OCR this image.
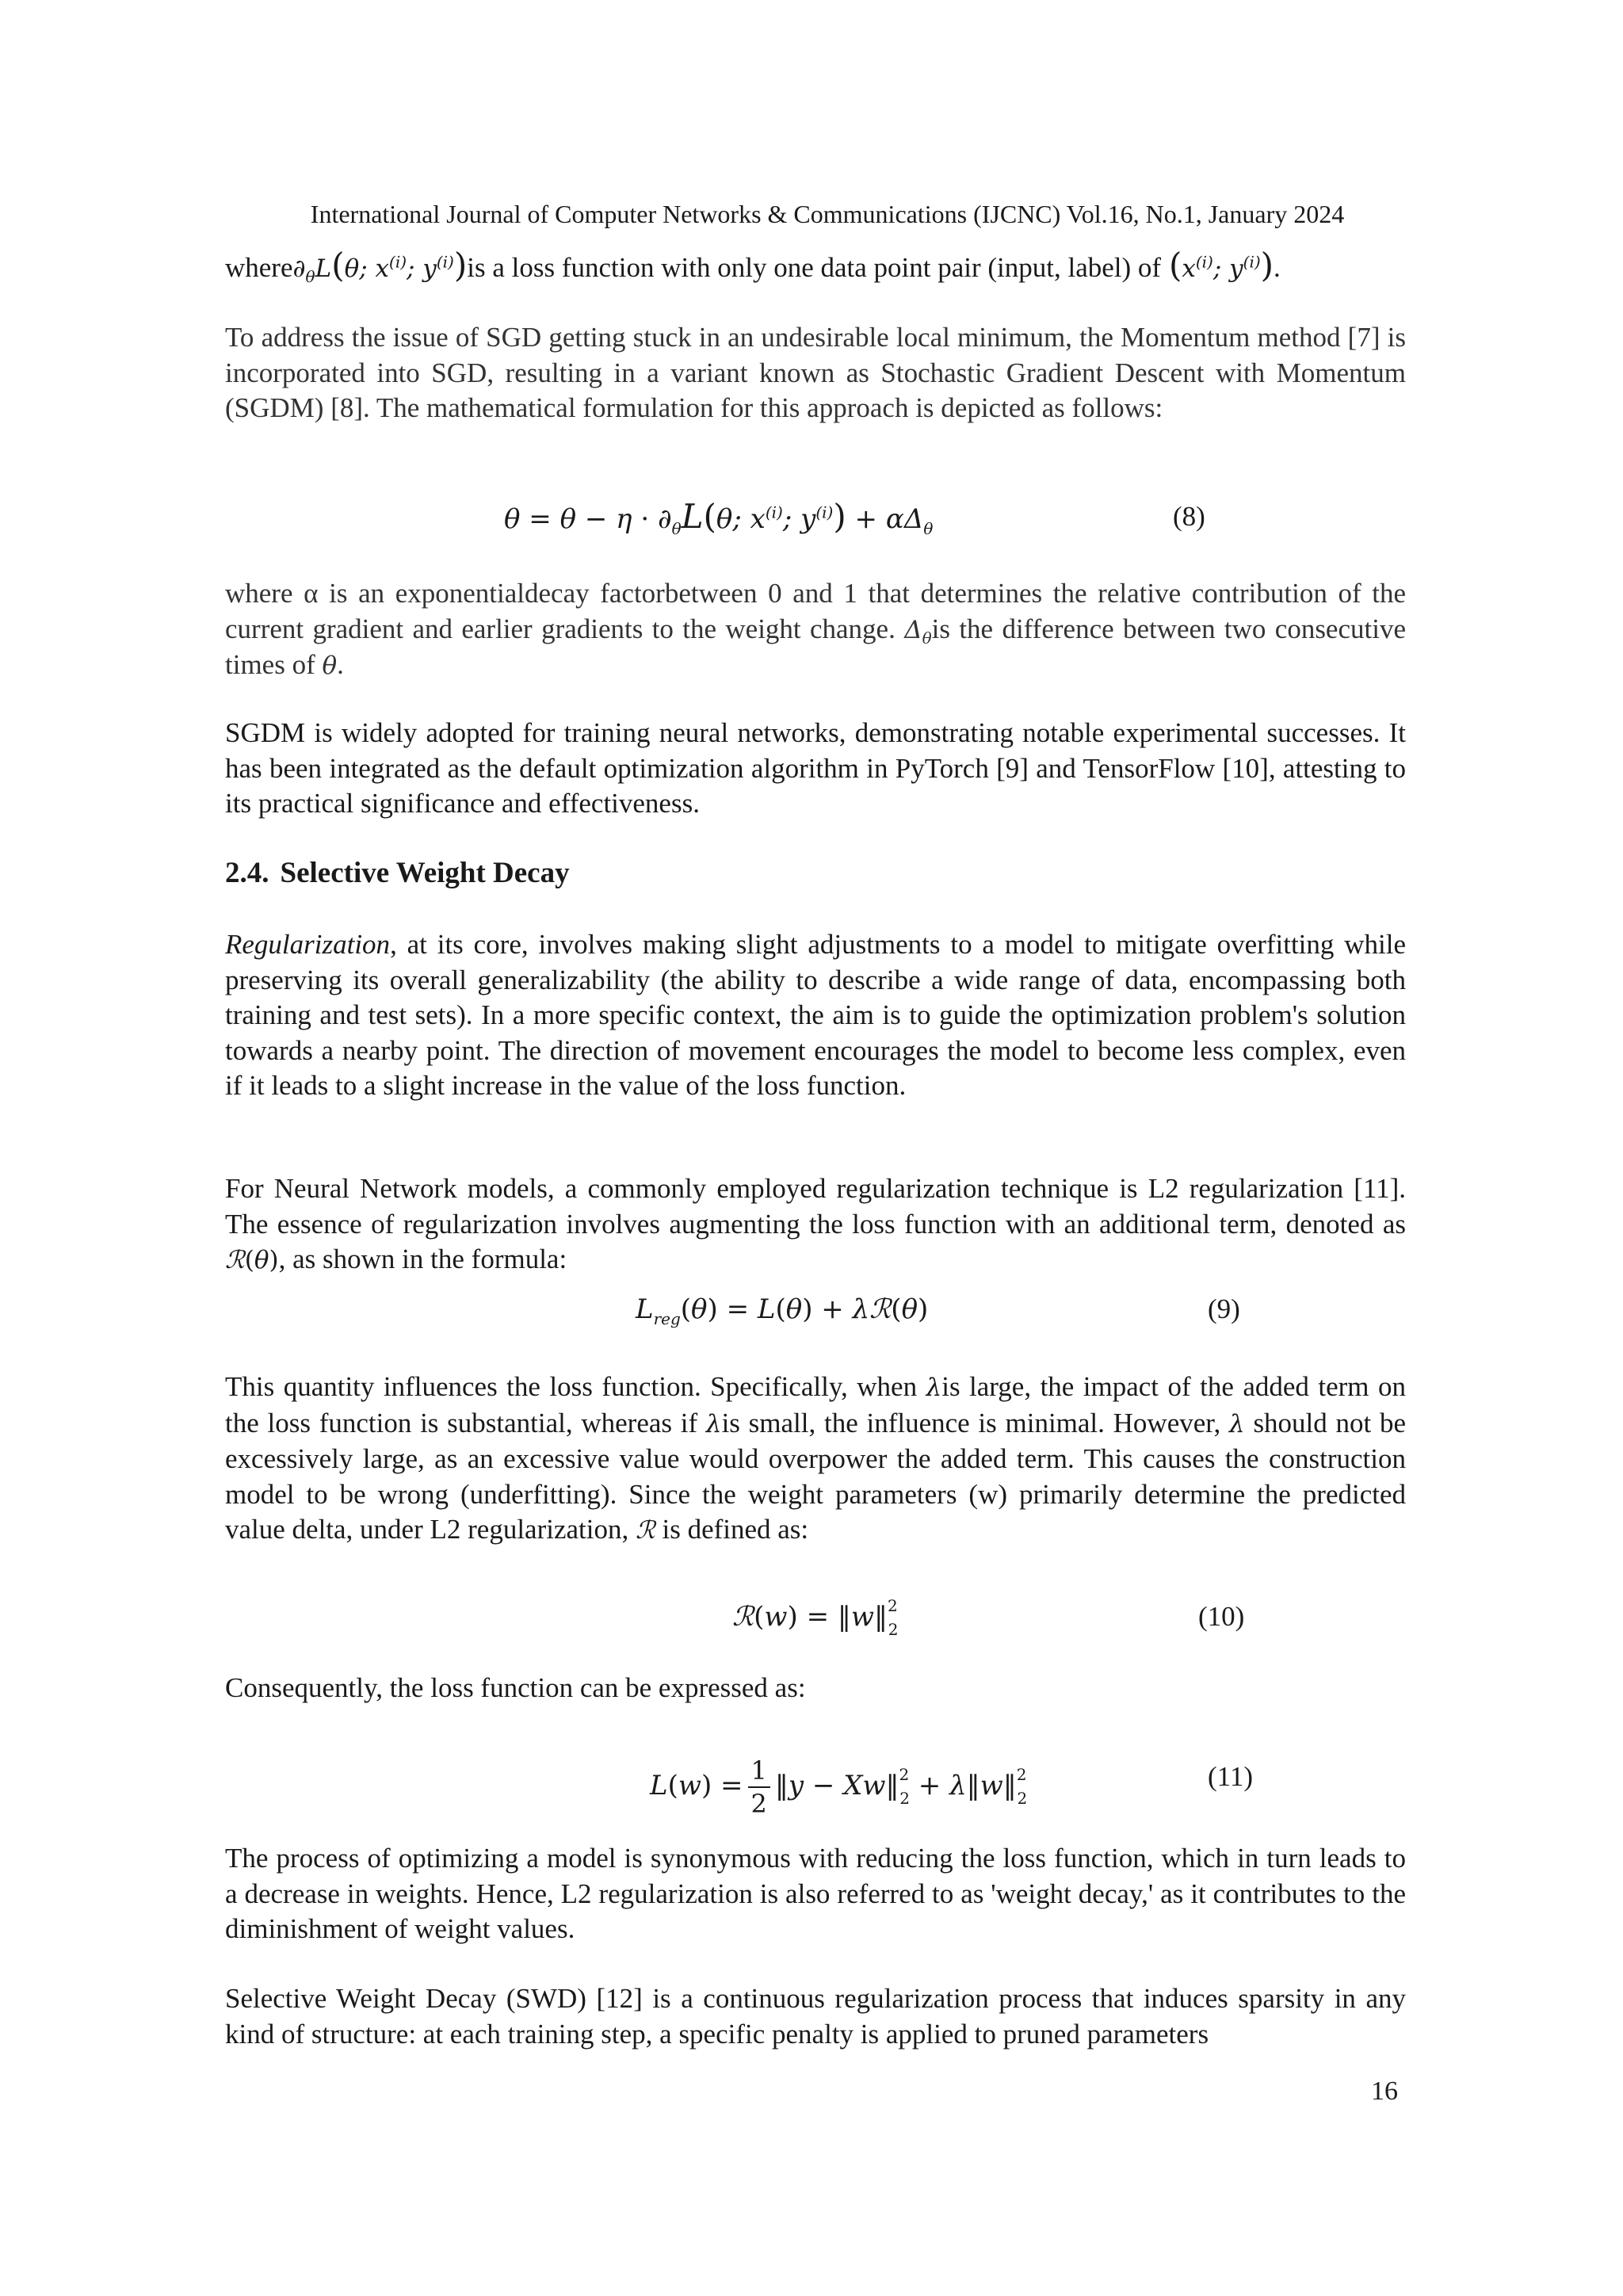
International Journal of Computer Networks & Communications (IJCNC) Vol.16, No.1, January 2024

$where\partial_\theta L(\theta$; $x^{(i)}$; $y^{(i)})is$ a loss function with only one data point pair (input, label) of ($x^{(i)}$; $y^{(i)}$).

To address the issue of SGD getting stuck in an undesirable local minimum, the Momentum method [7] is incorporated into SGD, resulting in a variant known as Stochastic Gradient Descent with Momentum (SGDM) [8]. The mathematical formulation for this approach is depicted as follows:

$\theta = \theta - \eta \cdot \partial_\theta L(\theta$; $x^{(i)}$; $y^{(i)}) + \alpha\Delta_\theta$	(8)

where α is an exponentialdecay factorbetween 0 and 1 that determines the relative contribution of the current gradient and earlier gradients to the weight change. $\Delta_\theta is$ the difference between two consecutive times of θ.

SGDM is widely adopted for training neural networks, demonstrating notable experimental successes. It has been integrated as the default optimization algorithm in PyTorch [9] and TensorFlow [10], attesting to its practical significance and effectiveness.

2.4. Selective Weight Decay

Regularization, at its core, involves making slight adjustments to a model to mitigate overfitting while preserving its overall generalizability (the ability to describe a wide range of data, encompassing both training and test sets). In a more specific context, the aim is to guide the optimization problem's solution towards a nearby point. The direction of movement encourages the model to become less complex, even if it leads to a slight increase in the value of the loss function.

For Neural Network models, a commonly employed regularization technique is L2 regularization [11]. The essence of regularization involves augmenting the loss function with an additional term, denoted as ℛ(θ), as shown in the formula:

$L_{reg}(\theta) = L(\theta)$ + λℛ(θ)	(9)

This quantity influences the loss function. Specifically, when λis large, the impact of the added term on the loss function is substantial, whereas if λis small, the influence is minimal. However, λ should not be excessively large, as an excessive value would overpower the added term. This causes the construction model to be wrong (underfitting). Since the weight parameters (w) primarily determine the predicted value delta, under L2 regularization, ℛ is defined as:

ℛ(w) = ‖w‖$^2_2$	(10)

Consequently, the loss function can be expressed as:

$L(w) = \frac{1}{2}$ ‖y − Xw‖$^2_2$ + λ‖w‖$^2_2$
(11)

The process of optimizing a model is synonymous with reducing the loss function, which in turn leads to a decrease in weights. Hence, L2 regularization is also referred to as 'weight decay,' as it contributes to the diminishment of weight values.

Selective Weight Decay (SWD) [12] is a continuous regularization process that induces sparsity in any kind of structure: at each training step, a specific penalty is applied to pruned parameters

16
